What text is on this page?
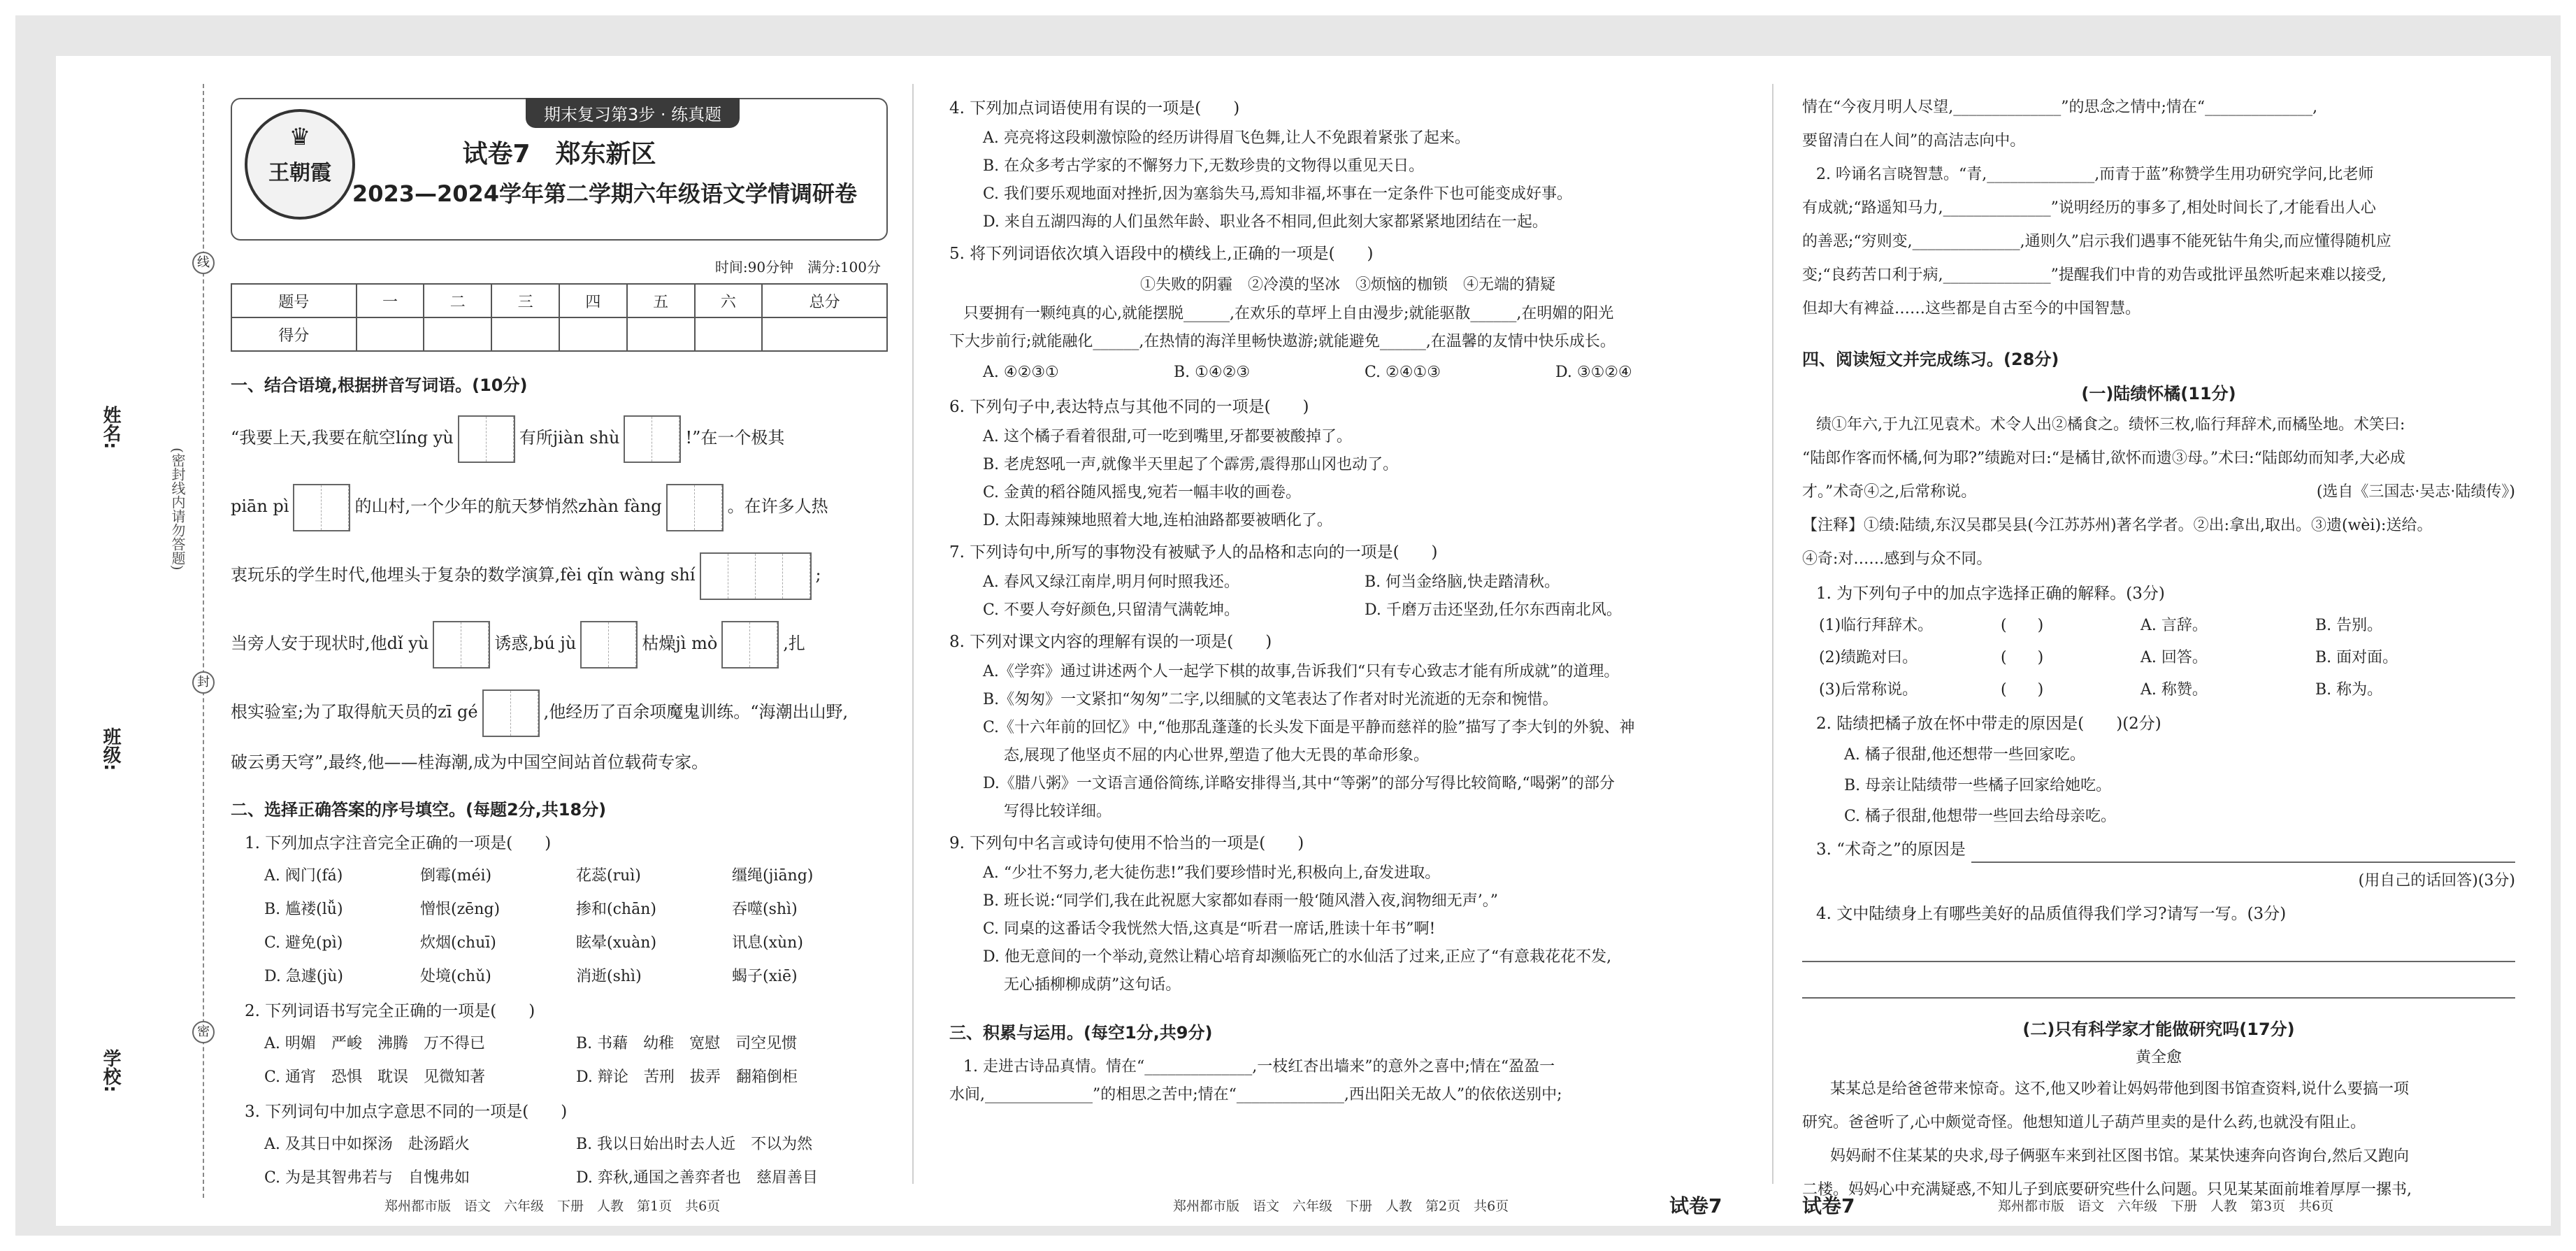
姓名:
班级:
学校:
(密封线内请勿答题)
线
封
密
♛
王朝霞
期末复习第3步 · 练真题
试卷7　郑东新区
2023—2024学年第二学期六年级语文学情调研卷
时间:90分钟　满分:100分
题号	一	二	三	四	五	六	总分
得分							
一、结合语境,根据拼音写词语。(10分)
“我要上天,我要在航空líng yù	有所jiàn shù	!”在一个极其
piān pì	的山村,一个少年的航天梦悄然zhàn fàng	。在许多人热
衷玩乐的学生时代,他埋头于复杂的数学演算,fèi qǐn wàng shí	;
当旁人安于现状时,他dǐ yù	诱惑,bú jù	枯燥jì mò	,扎
根实验室;为了取得航天员的zī gé	,他经历了百余项魔鬼训练。“海潮出山野,
破云勇天穹”,最终,他——桂海潮,成为中国空间站首位载荷专家。
二、选择正确答案的序号填空。(每题2分,共18分)
1. 下列加点字注音完全正确的一项是(　　)
A. 阀门(fá)	倒霉(méi)	花蕊(ruì)	缰绳(jiāng)
B. 尴褛(lǚ)	憎恨(zēng)	掺和(chān)	吞噬(shì)
C. 避免(pì)	炊烟(chuī)	眩晕(xuàn)	讯息(xùn)
D. 急遽(jù)	处境(chǔ)	消逝(shì)	蝎子(xiē)
2. 下列词语书写完全正确的一项是(　　)
A. 明媚　严峻　沸腾　万不得已	B. 书藉　幼稚　宽慰　司空见惯
C. 通宵　恐惧　耽误　见微知著	D. 辩论　苦刑　拔弄　翻箱倒柜
3. 下列词句中加点字意思不同的一项是(　　)
A. 及其日中如探汤　赴汤蹈火	B. 我以日始出时去人近　不以为然
C. 为是其智弗若与　自愧弗如	D. 弈秋,通国之善弈者也　慈眉善目
郑州都市版　语文　六年级　下册　人教　第1页　共6页
4. 下列加点词语使用有误的一项是(　　)
A. 亮亮将这段刺激惊险的经历讲得眉飞色舞,让人不免跟着紧张了起来。
B. 在众多考古学家的不懈努力下,无数珍贵的文物得以重见天日。
C. 我们要乐观地面对挫折,因为塞翁失马,焉知非福,坏事在一定条件下也可能变成好事。
D. 来自五湖四海的人们虽然年龄、职业各不相同,但此刻大家都紧紧地团结在一起。
5. 将下列词语依次填入语段中的横线上,正确的一项是(　　)
①失败的阴霾　②冷漠的坚冰　③烦恼的枷锁　④无端的猜疑
只要拥有一颗纯真的心,就能摆脱______,在欢乐的草坪上自由漫步;就能驱散______,在明媚的阳光
下大步前行;就能融化______,在热情的海洋里畅快遨游;就能避免______,在温馨的友情中快乐成长。
A. ④②③①	B. ①④②③	C. ②④①③	D. ③①②④
6. 下列句子中,表达特点与其他不同的一项是(　　)
A. 这个橘子看着很甜,可一吃到嘴里,牙都要被酸掉了。
B. 老虎怒吼一声,就像半天里起了个霹雳,震得那山冈也动了。
C. 金黄的稻谷随风摇曳,宛若一幅丰收的画卷。
D. 太阳毒辣辣地照着大地,连柏油路都要被晒化了。
7. 下列诗句中,所写的事物没有被赋予人的品格和志向的一项是(　　)
A. 春风又绿江南岸,明月何时照我还。	B. 何当金络脑,快走踏清秋。
C. 不要人夸好颜色,只留清气满乾坤。	D. 千磨万击还坚劲,任尔东西南北风。
8. 下列对课文内容的理解有误的一项是(　　)
A.《学弈》通过讲述两个人一起学下棋的故事,告诉我们“只有专心致志才能有所成就”的道理。
B.《匆匆》一文紧扣“匆匆”二字,以细腻的文笔表达了作者对时光流逝的无奈和惋惜。
C.《十六年前的回忆》中,“他那乱蓬蓬的长头发下面是平静而慈祥的脸”描写了李大钊的外貌、神
态,展现了他坚贞不屈的内心世界,塑造了他大无畏的革命形象。
D.《腊八粥》一文语言通俗简练,详略安排得当,其中“等粥”的部分写得比较简略,“喝粥”的部分
写得比较详细。
9. 下列句中名言或诗句使用不恰当的一项是(　　)
A. “少壮不努力,老大徒伤悲!”我们要珍惜时光,积极向上,奋发进取。
B. 班长说:“同学们,我在此祝愿大家都如春雨一般‘随风潜入夜,润物细无声’。”
C. 同桌的这番话令我恍然大悟,这真是“听君一席话,胜读十年书”啊!
D. 他无意间的一个举动,竟然让精心培育却濒临死亡的水仙活了过来,正应了“有意栽花花不发,
无心插柳柳成荫”这句话。
三、积累与运用。(每空1分,共9分)
1. 走进古诗品真情。情在“______________,一枝红杏出墙来”的意外之喜中;情在“盈盈一
水间,______________”的相思之苦中;情在“______________,西出阳关无故人”的依依送别中;
郑州都市版　语文　六年级　下册　人教　第2页　共6页	试卷7
情在“今夜月明人尽望,______________”的思念之情中;情在“______________,
要留清白在人间”的高洁志向中。
2. 吟诵名言晓智慧。“青,______________,而青于蓝”称赞学生用功研究学问,比老师
有成就;“路遥知马力,______________”说明经历的事多了,相处时间长了,才能看出人心
的善恶;“穷则变,______________,通则久”启示我们遇事不能死钻牛角尖,而应懂得随机应
变;“良药苦口利于病,______________”提醒我们中肯的劝告或批评虽然听起来难以接受,
但却大有裨益……这些都是自古至今的中国智慧。
四、阅读短文并完成练习。(28分)
(一)陆绩怀橘(11分)
绩①年六,于九江见袁术。术令人出②橘食之。绩怀三枚,临行拜辞术,而橘坠地。术笑曰:
“陆郎作客而怀橘,何为耶?”绩跪对曰:“是橘甘,欲怀而遗③母。”术曰:“陆郎幼而知孝,大必成
才。”术奇④之,后常称说。	(选自《三国志·吴志·陆绩传》)
【注释】①绩:陆绩,东汉吴郡吴县(今江苏苏州)著名学者。②出:拿出,取出。③遗(wèi):送给。
④奇:对……感到与众不同。
1. 为下列句子中的加点字选择正确的解释。(3分)
(1)临行拜辞术。	(　　)	A. 言辞。	B. 告别。
(2)绩跪对曰。	(　　)	A. 回答。	B. 面对面。
(3)后常称说。	(　　)	A. 称赞。	B. 称为。
2. 陆绩把橘子放在怀中带走的原因是(　　)(2分)
A. 橘子很甜,他还想带一些回家吃。
B. 母亲让陆绩带一些橘子回家给她吃。
C. 橘子很甜,他想带一些回去给母亲吃。
3. “术奇之”的原因是
(用自己的话回答)(3分)
4. 文中陆绩身上有哪些美好的品质值得我们学习?请写一写。(3分)
(二)只有科学家才能做研究吗(17分)
黄全愈
某某总是给爸爸带来惊奇。这不,他又吵着让妈妈带他到图书馆查资料,说什么要搞一项
研究。爸爸听了,心中颇觉奇怪。他想知道儿子葫芦里卖的是什么药,也就没有阻止。
妈妈耐不住某某的央求,母子俩驱车来到社区图书馆。某某快速奔向咨询台,然后又跑向
二楼。妈妈心中充满疑惑,不知儿子到底要研究些什么问题。只见某某面前堆着厚厚一摞书,
试卷7	郑州都市版　语文　六年级　下册　人教　第3页　共6页
